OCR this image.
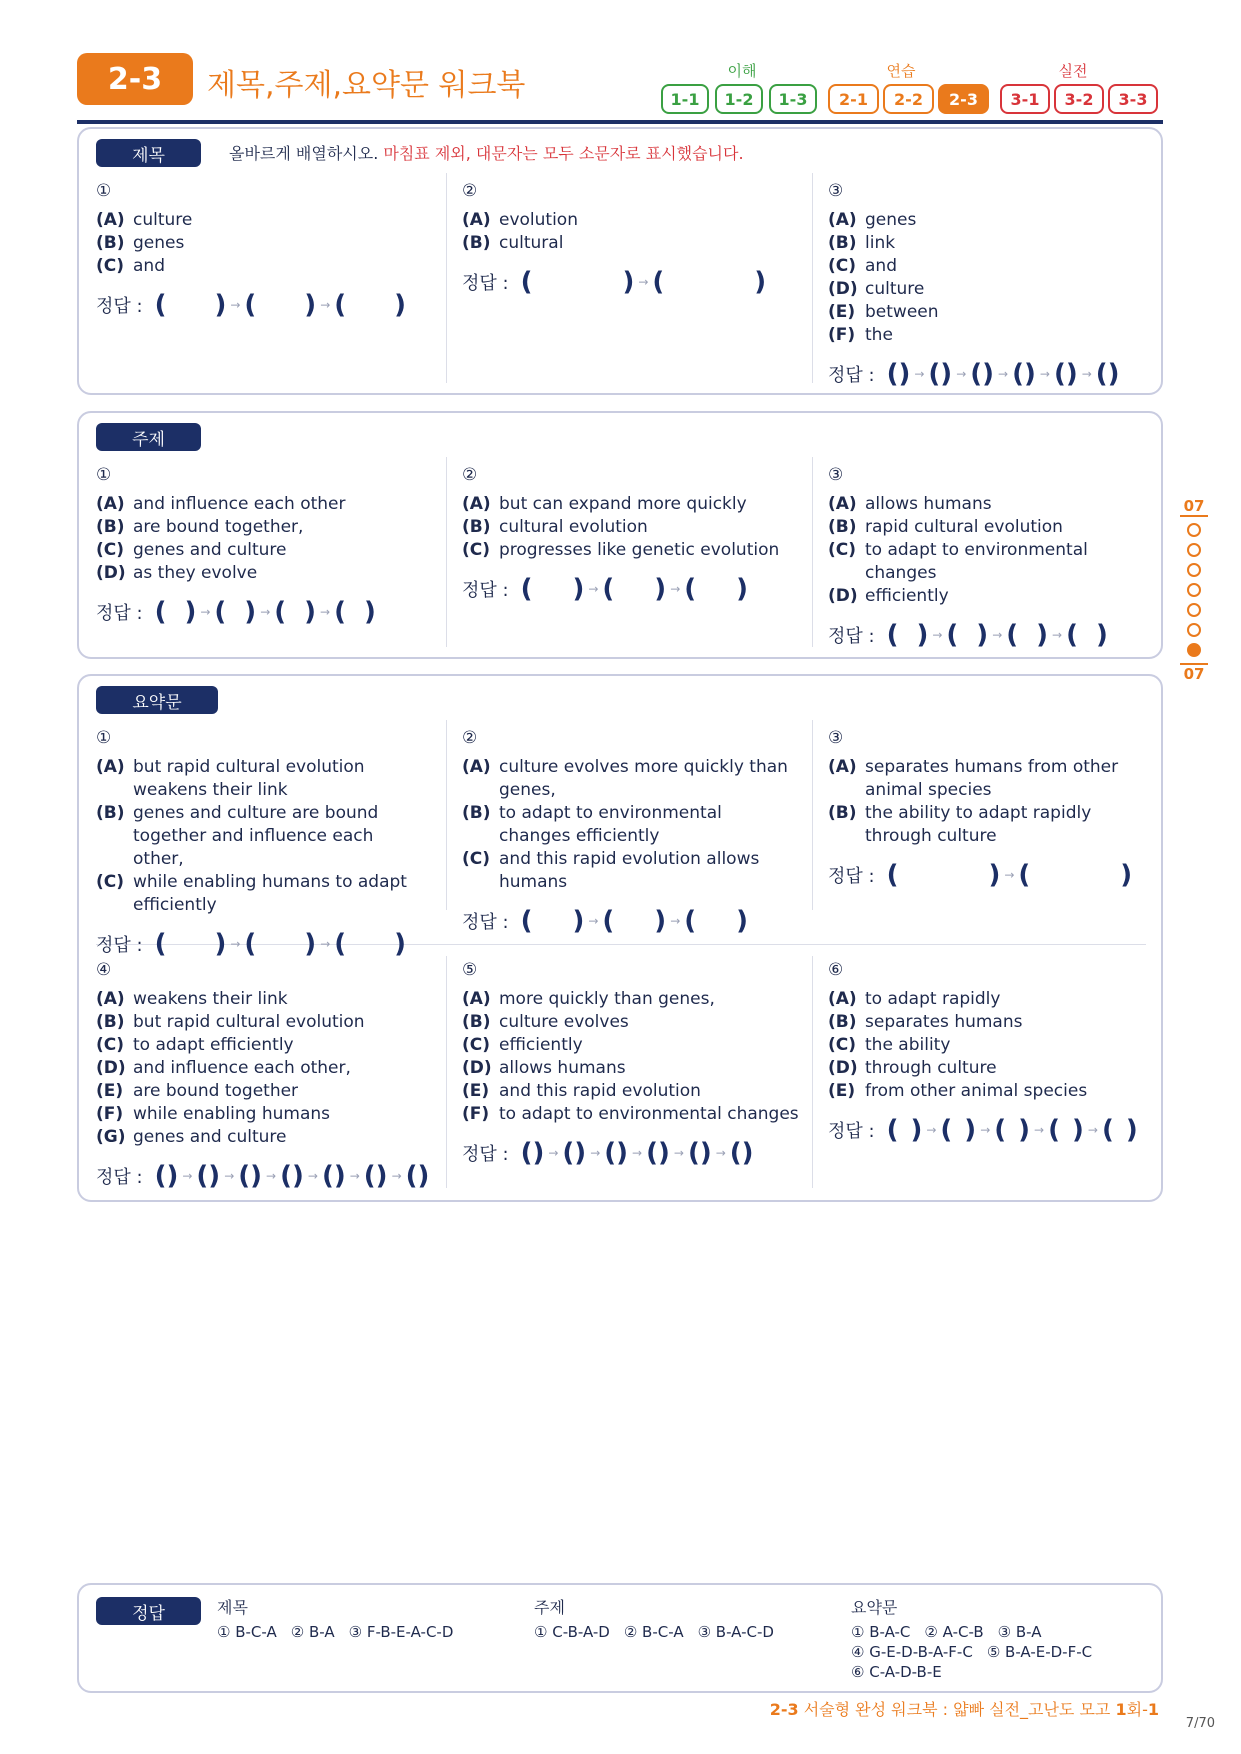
2-3	제목,주제,요약문 워크북	이해
1-1	1-2	1-3
연습
2-1	2-2	2-3
실전
3-1	3-2	3-3
제목	올바르게 배열하시오. 마침표 제외, 대문자는 모두 소문자로 표시했습니다.
①
(A) culture
(B) genes
(C) and
정답 : ( ) → ( ) → ( )
②
(A) evolution
(B) cultural
정답 : (	) → (	)
③
(A) genes
(B) link
(C) and
(D) culture
(E) between
(F) the
정답 : () → () → () → () → () → ()
주제
①
(A) and influence each other
(B) are bound together,
(C) genes and culture
(D) as they evolve
정답 : ( ) → ( ) → ( ) → ( )
②
(A) but can expand more quickly
(B) cultural evolution
(C) progresses like genetic evolution
정답 : ( ) → ( ) → ( )
③
(A) allows humans
(B) rapid cultural evolution
(C) to adapt to environmental changes
(D) efficiently
정답 : ( ) → ( ) → ( ) → ( )
요약문
①
(A) but rapid cultural evolution weakens their link
(B) genes and culture are bound together and influence each other,
(C) while enabling humans to adapt efficiently
정답 : ( ) → ( ) → ( )
②
(A) culture evolves more quickly than genes,
(B) to adapt to environmental changes efficiently
(C) and this rapid evolution allows humans
정답 : ( ) → ( ) → ( )
③
(A) separates humans from other animal species
(B) the ability to adapt rapidly through culture
정답 : (	) → (	)
④
(A) weakens their link
(B) but rapid cultural evolution
(C) to adapt efficiently
(D) and influence each other,
(E) are bound together
(F) while enabling humans
(G) genes and culture
정답 : () → () → () → () → () → () → ()
⑤
(A) more quickly than genes,
(B) culture evolves
(C) efficiently
(D) allows humans
(E) and this rapid evolution
(F) to adapt to environmental changes
정답 : () → () → () → () → () → ()
⑥
(A) to adapt rapidly
(B) separates humans
(C) the ability
(D) through culture
(E) from other animal species
정답 : ( ) → ( ) → ( ) → ( ) → ( )
07
07
정답	제목
① B-C-A ② B-A ③ F-B-E-A-C-D
주제
① C-B-A-D ② B-C-A ③ B-A-C-D
요약문
① B-A-C ② A-C-B ③ B-A
④ G-E-D-B-A-F-C ⑤ B-A-E-D-F-C
⑥ C-A-D-B-E
2-3 서술형 완성 워크북 : 얇빠 실전_고난도 모고 1회-1
7/70
